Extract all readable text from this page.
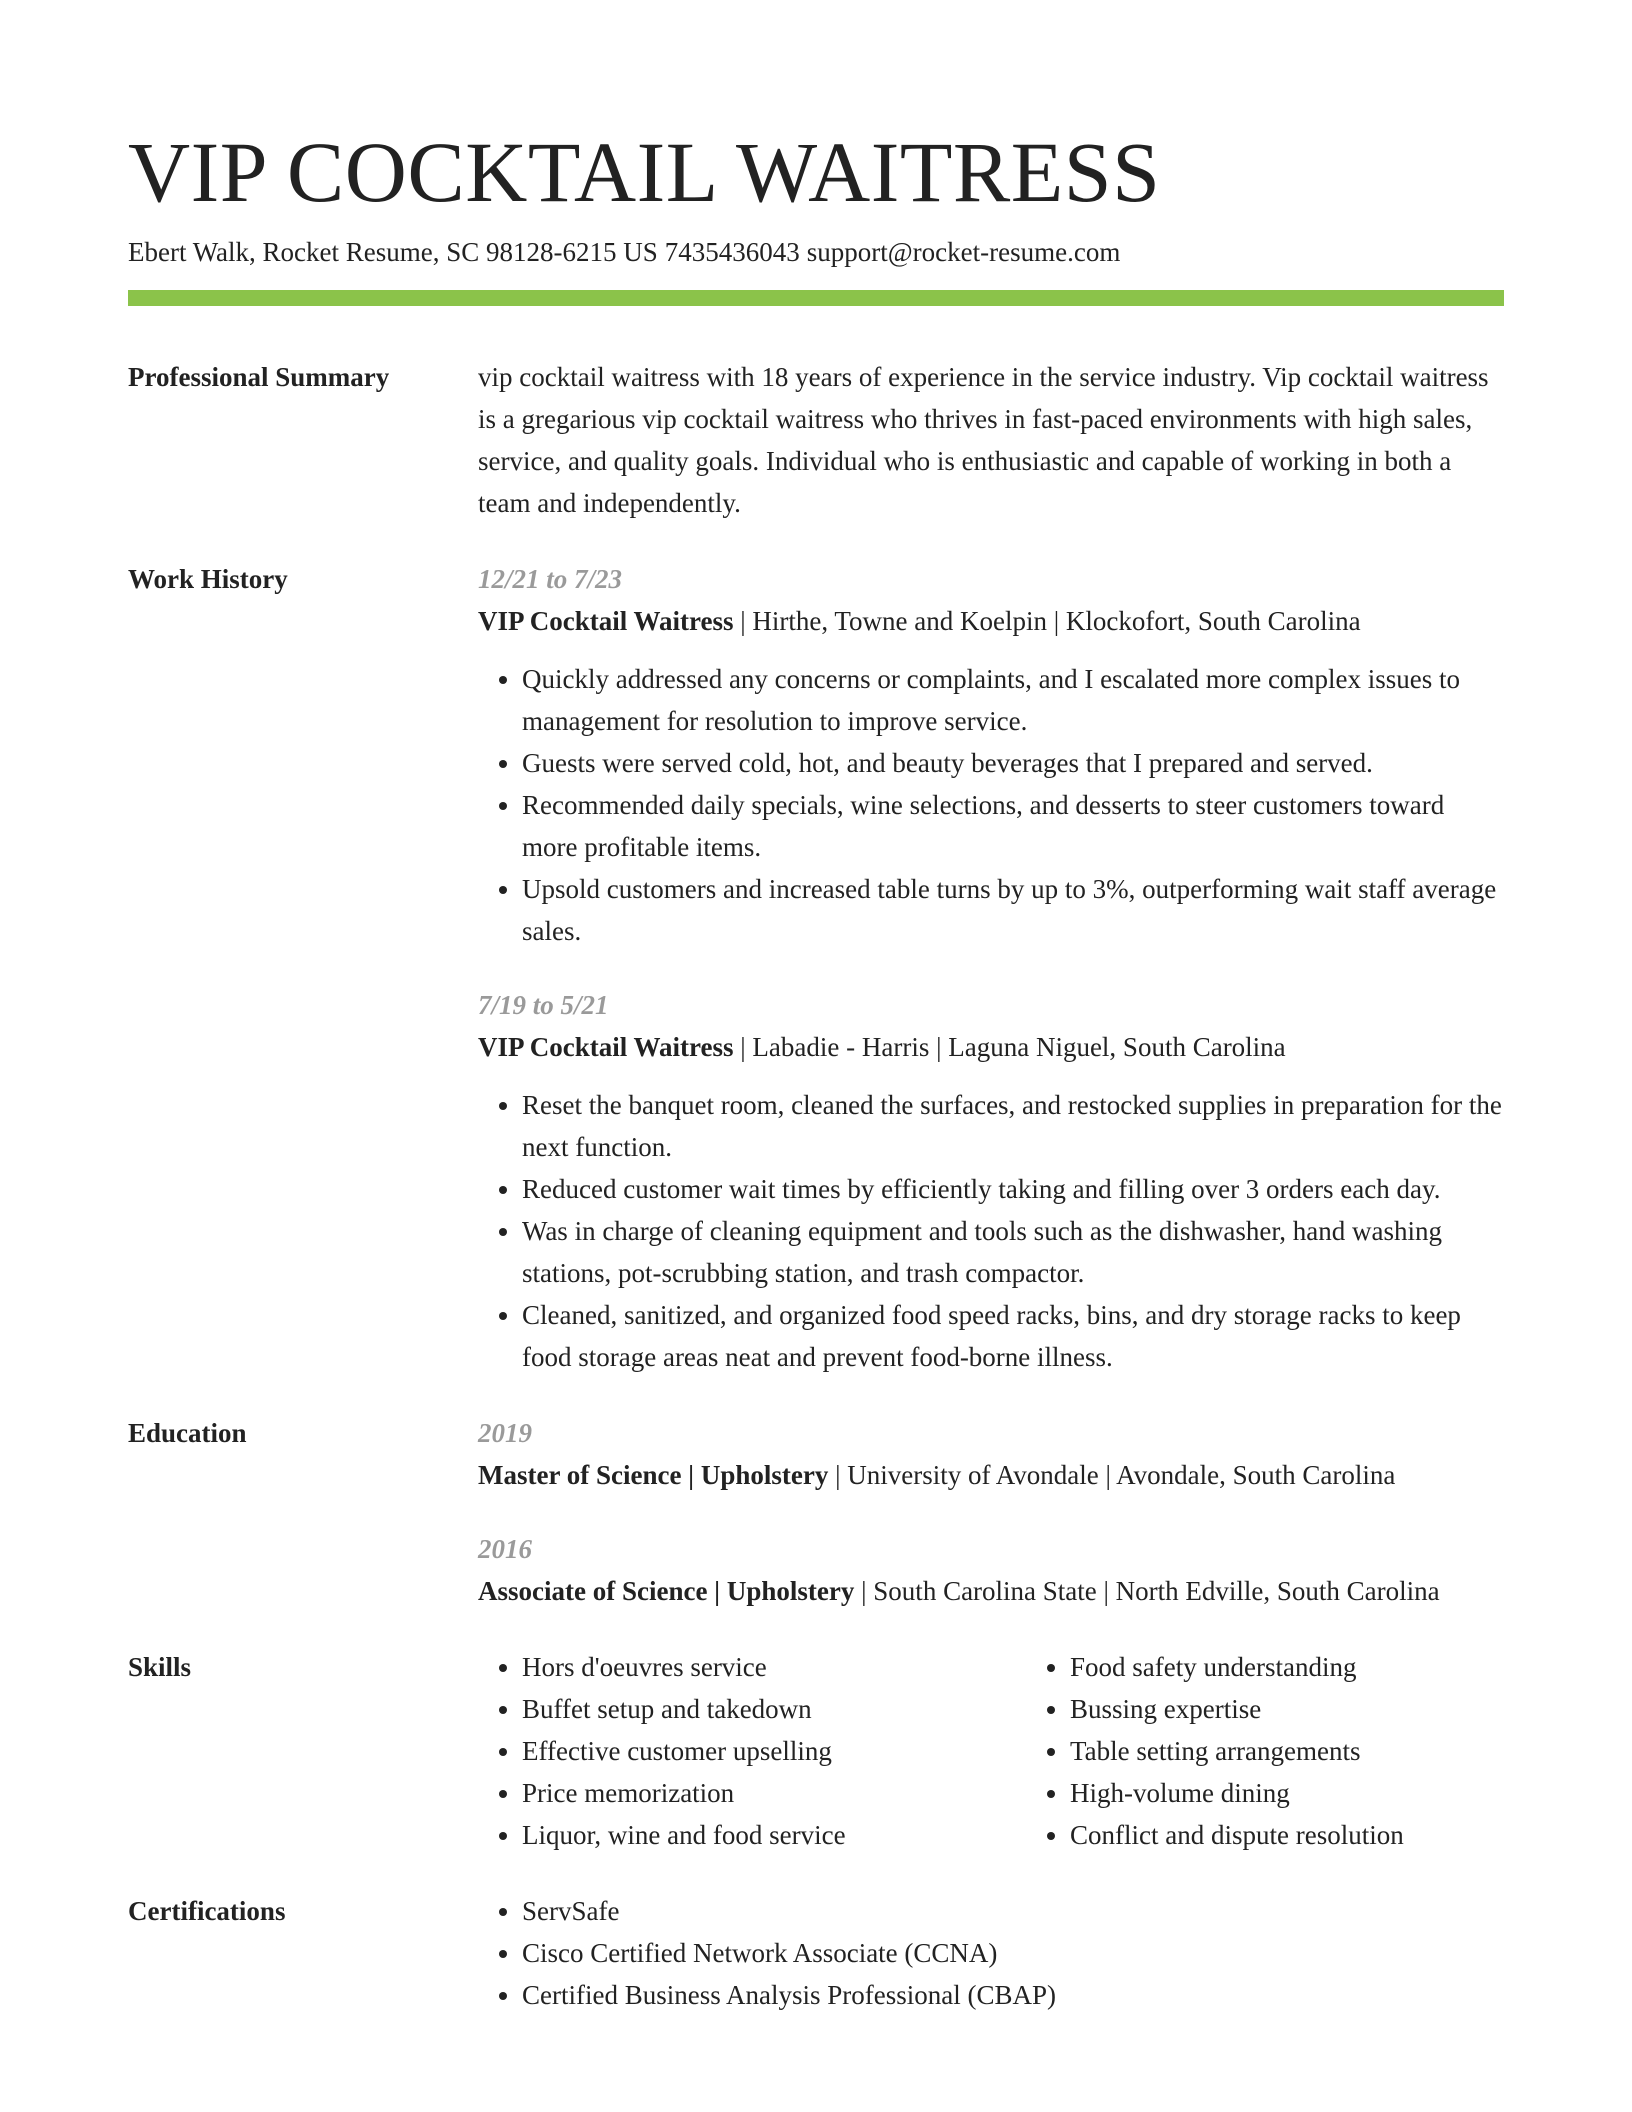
VIP COCKTAIL WAITRESS
Ebert Walk, Rocket Resume, SC 98128-6215 US 7435436043 support@rocket-resume.com
Professional Summary	vip cocktail waitress with 18 years of experience in the service industry. Vip cocktail waitress is a gregarious vip cocktail waitress who thrives in fast-paced environments with high sales, service, and quality goals. Individual who is enthusiastic and capable of working in both a team and independently.

Work History	12/21 to 7/23
VIP Cocktail Waitress | Hirthe, Towne and Koelpin | Klockofort, South Carolina
• Quickly addressed any concerns or complaints, and I escalated more complex issues to management for resolution to improve service.
• Guests were served cold, hot, and beauty beverages that I prepared and served.
• Recommended daily specials, wine selections, and desserts to steer customers toward more profitable items.
• Upsold customers and increased table turns by up to 3%, outperforming wait staff average sales.
7/19 to 5/21
VIP Cocktail Waitress | Labadie - Harris | Laguna Niguel, South Carolina
• Reset the banquet room, cleaned the surfaces, and restocked supplies in preparation for the next function.
• Reduced customer wait times by efficiently taking and filling over 3 orders each day.
• Was in charge of cleaning equipment and tools such as the dishwasher, hand washing stations, pot-scrubbing station, and trash compactor.
• Cleaned, sanitized, and organized food speed racks, bins, and dry storage racks to keep food storage areas neat and prevent food-borne illness.
Education	2019
Master of Science | Upholstery | University of Avondale | Avondale, South Carolina
2016
Associate of Science | Upholstery | South Carolina State | North Edville, South Carolina
Skills	• Hors d'oeuvres service
• Buffet setup and takedown
• Effective customer upselling
• Price memorization
• Liquor, wine and food service
• Food safety understanding
• Bussing expertise
• Table setting arrangements
• High-volume dining
• Conflict and dispute resolution
Certifications	• ServSafe
• Cisco Certified Network Associate (CCNA)
• Certified Business Analysis Professional (CBAP)
